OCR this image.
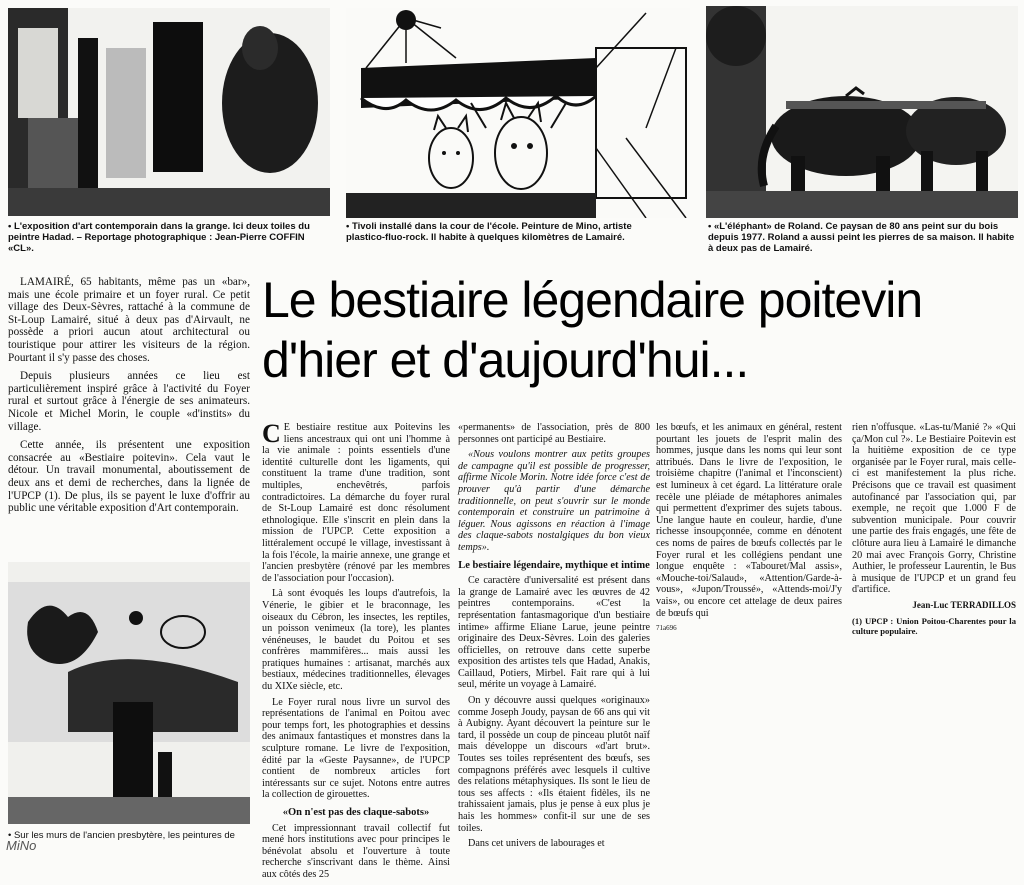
• L'exposition d'art contemporain dans la grange. Ici deux toiles du peintre Hadad. – Reportage photographique : Jean-Pierre COFFIN «CL».
• Tivoli installé dans la cour de l'école. Peinture de Mino, artiste plastico-fluo-rock. Il habite à quelques kilomètres de Lamairé.
• «L'éléphant» de Roland. Ce paysan de 80 ans peint sur du bois depuis 1977. Roland a aussi peint les pierres de sa maison. Il habite à deux pas de Lamairé.
Le bestiaire légendaire poitevin
d'hier et d'aujourd'hui...

LAMAIRÉ, 65 habitants, même pas un «bar», mais une école primaire et un foyer rural. Ce petit village des Deux-Sèvres, rattaché à la commune de St-Loup Lamairé, situé à deux pas d'Airvault, ne possède a priori aucun atout architectural ou touristique pour attirer les visiteurs de la région. Pourtant il s'y passe des choses.

Depuis plusieurs années ce lieu est particulièrement inspiré grâce à l'activité du Foyer rural et surtout grâce à l'énergie de ses animateurs. Nicole et Michel Morin, le couple «d'instits» du village.

Cette année, ils présentent une exposition consacrée au «Bestiaire poitevin». Cela vaut le détour. Un travail monumental, aboutissement de deux ans et demi de recherches, dans la lignée de l'UPCP (1). De plus, ils se payent le luxe d'offrir au public une véritable exposition d'Art contemporain.

• Sur les murs de l'ancien presbytère, les peintures de

C E bestiaire restitue aux Poitevins les liens ancestraux qui ont uni l'homme à la vie animale : points essentiels d'une identité culturelle dont les ligaments, qui constituent la trame d'une tradition, sont multiples, enchevêtrés, parfois contradictoires. La démarche du foyer rural de St-Loup Lamairé est donc résolument ethnologique. Elle s'inscrit en plein dans la mission de l'UPCP. Cette exposition a littéralement occupé le village, investissant à la fois l'école, la mairie annexe, une grange et l'ancien presbytère (rénové par les membres de l'association pour l'occasion).

Là sont évoqués les loups d'autrefois, la Vénerie, le gibier et le braconnage, les oiseaux du Cébron, les insectes, les reptiles, un poisson venimeux (la tore), les plantes vénéneuses, le baudet du Poitou et ses confrères mammifères... mais aussi les pratiques humaines : artisanat, marchés aux bestiaux, médecines traditionnelles, élevages du XIXe siècle, etc.

Le Foyer rural nous livre un survol des représentations de l'animal en Poitou avec pour temps fort, les photographies et dessins des animaux fantastiques et monstres dans la sculpture romane. Le livre de l'exposition, édité par la «Geste Paysanne», de l'UPCP contient de nombreux articles fort intéressants sur ce sujet. Notons entre autres la collection de girouettes.

«On n'est pas des claque-sabots»

Cet impressionnant travail collectif fut mené hors institutions avec pour principes le bénévolat absolu et l'ouverture à toute recherche s'inscrivant dans le thème. Ainsi aux côtés des 25

«permanents» de l'association, près de 800 personnes ont participé au Bestiaire.

«Nous voulons montrer aux petits groupes de campagne qu'il est possible de progresser, affirme Nicole Morin. Notre idée force c'est de prouver qu'à partir d'une démarche traditionnelle, on peut s'ouvrir sur le monde contemporain et construire un patrimoine à léguer. Nous agissons en réaction à l'image des claque-sabots nostalgiques du bon vieux temps».

Le bestiaire légendaire, mythique et intime

Ce caractère d'universalité est présent dans la grange de Lamairé avec les œuvres de 42 peintres contemporains. «C'est la représentation fantasmagorique d'un bestiaire intime» affirme Eliane Larue, jeune peintre originaire des Deux-Sèvres. Loin des galeries officielles, on retrouve dans cette superbe exposition des artistes tels que Hadad, Anakis, Caillaud, Potiers, Mirbel. Fait rare qui à lui seul, mérite un voyage à Lamairé.

On y découvre aussi quelques «originaux» comme Joseph Joudy, paysan de 66 ans qui vit à Aubigny. Ayant découvert la peinture sur le tard, il possède un coup de pinceau plutôt naïf mais développe un discours «d'art brut». Toutes ses toiles représentent des bœufs, ses compagnons préférés avec lesquels il cultive des relations métaphysiques. Ils sont le lieu de tous ses affects : «Ils étaient fidèles, ils ne trahissaient jamais, plus je pense à eux plus je hais les hommes» confit-il sur une de ses toiles.

Dans cet univers de labourages et

les bœufs, et les animaux en général, restent pourtant les jouets de l'esprit malin des hommes, jusque dans les noms qui leur sont attribués. Dans le livre de l'exposition, le troisième chapitre (l'animal et l'inconscient) est lumineux à cet égard. La littérature orale recèle une pléiade de métaphores animales qui permettent d'exprimer des sujets tabous. Une langue haute en couleur, hardie, d'une richesse insoupçonnée, comme en dénotent ces noms de paires de bœufs collectés par le Foyer rural et les collégiens pendant une longue enquête : «Tabouret/Mal assis», «Mouche-toi/Salaud», «Attention/Garde-à-vous», «Jupon/Troussé», «Attends-moi/J'y vais», ou encore cet attelage de deux paires de bœufs qui

71a696

rien n'offusque. «Las-tu/Manié ?» «Qui ça/Mon cul ?». Le Bestiaire Poitevin est la huitième exposition de ce type organisée par le Foyer rural, mais celle-ci est manifestement la plus riche. Précisons que ce travail est quasiment autofinancé par l'association qui, par exemple, ne reçoit que 1.000 F de subvention municipale. Pour couvrir une partie des frais engagés, une fête de clôture aura lieu à Lamairé le dimanche 20 mai avec François Gorry, Christine Authier, le professeur Laurentin, le Bus à musique de l'UPCP et un grand feu d'artifice.

Jean-Luc TERRADILLOS

(1) UPCP : Union Poitou-Charentes pour la culture populaire.

MiNo
